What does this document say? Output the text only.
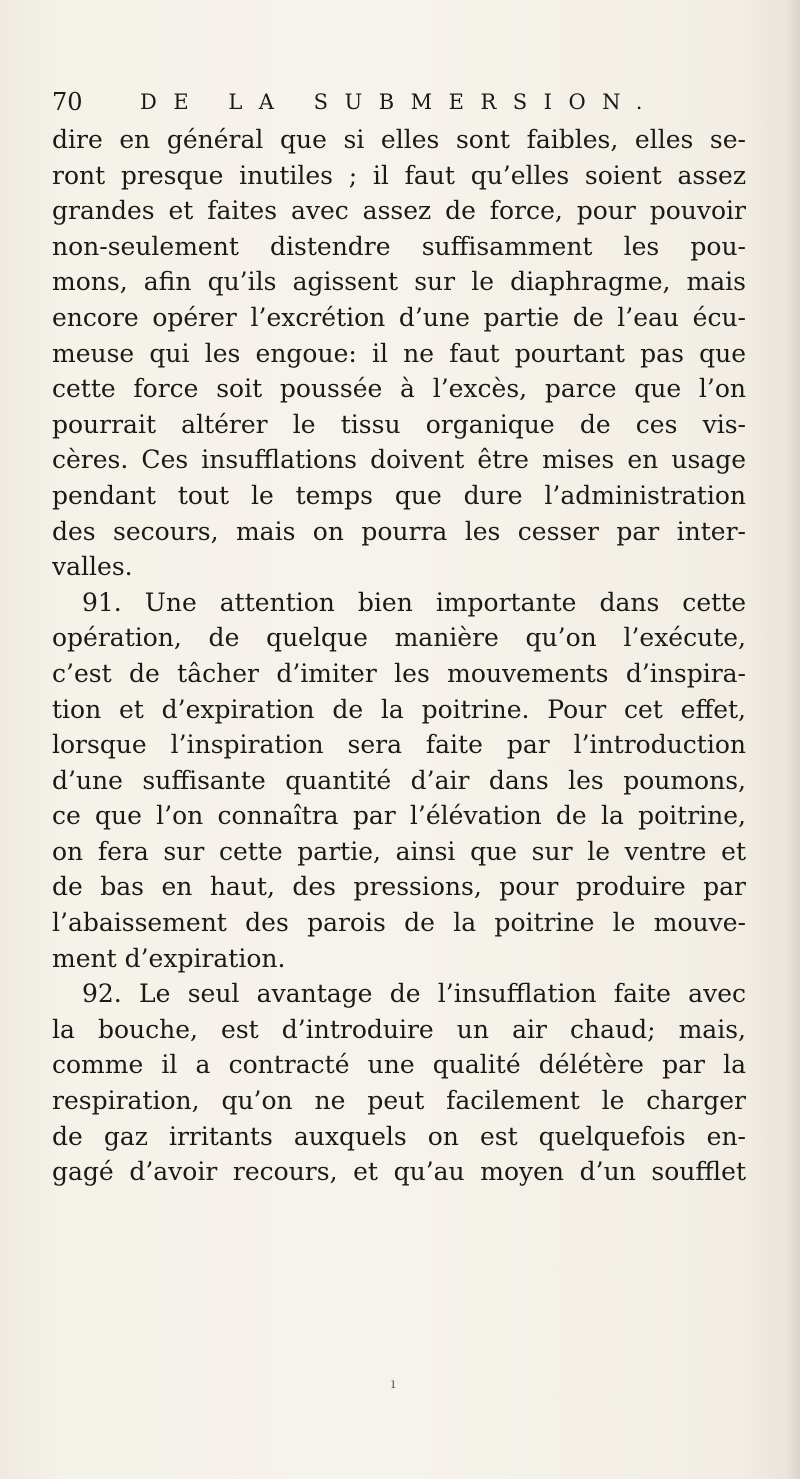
70	DE LA SUBMERSION.
dire en général que si elles sont faibles, elles se-
ront presque inutiles ; il faut qu’elles soient assez
grandes et faites avec assez de force, pour pouvoir
non-seulement distendre suffisamment les pou-
mons, afin qu’ils agissent sur le diaphragme, mais
encore opérer l’excrétion d’une partie de l’eau écu-
meuse qui les engoue: il ne faut pourtant pas que
cette force soit poussée à l’excès, parce que l’on
pourrait altérer le tissu organique de ces vis-
cères. Ces insufflations doivent être mises en usage
pendant tout le temps que dure l’administration
des secours, mais on pourra les cesser par inter-
valles.
91. Une attention bien importante dans cette
opération, de quelque manière qu’on l’exécute,
c’est de tâcher d’imiter les mouvements d’inspira-
tion et d’expiration de la poitrine. Pour cet effet,
lorsque l’inspiration sera faite par l’introduction
d’une suffisante quantité d’air dans les poumons,
ce que l’on connaîtra par l’élévation de la poitrine,
on fera sur cette partie, ainsi que sur le ventre et
de bas en haut, des pressions, pour produire par
l’abaissement des parois de la poitrine le mouve-
ment d’expiration.
92. Le seul avantage de l’insufflation faite avec
la bouche, est d’introduire un air chaud; mais,
comme il a contracté une qualité délétère par la
respiration, qu’on ne peut facilement le charger
de gaz irritants auxquels on est quelquefois en-
gagé d’avoir recours, et qu’au moyen d’un soufflet
ı
